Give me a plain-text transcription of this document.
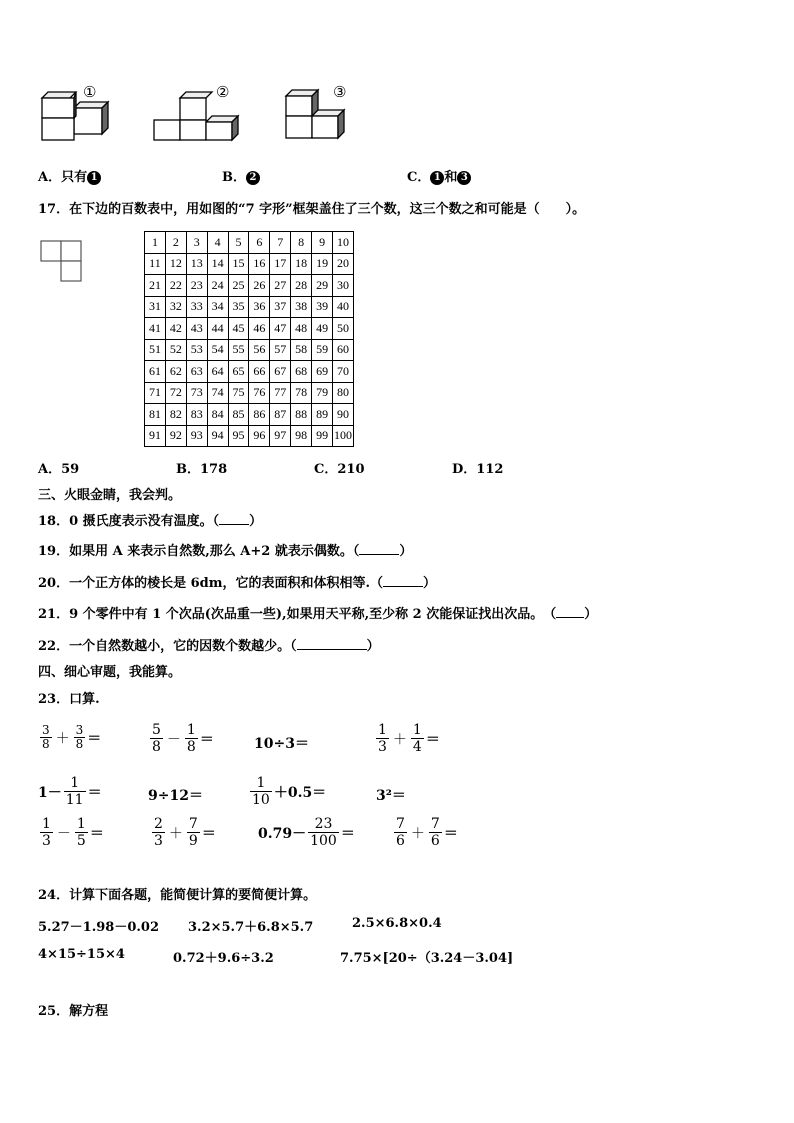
①	②	③
A．只有 1	B． 2	C． 1 和 3
17．在下边的百数表中，用如图的“7 字形”框架盖住了三个数，这三个数之和可能是（　　）。
1	2	3	4	5	6	7	8	9	10
11	12	13	14	15	16	17	18	19	20
21	22	23	24	25	26	27	28	29	30
31	32	33	34	35	36	37	38	39	40
41	42	43	44	45	46	47	48	49	50
51	52	53	54	55	56	57	58	59	60
61	62	63	64	65	66	67	68	69	70
71	72	73	74	75	76	77	78	79	80
81	82	83	84	85	86	87	88	89	90
91	92	93	94	95	96	97	98	99	100
A．59	B．178	C．210	D．112
三、火眼金睛，我会判。
18．0 摄氏度表示没有温度。（ ）
19．如果用 A 来表示自然数,那么 A+2 就表示偶数。（	）
20．一个正方体的棱长是 6dm，它的表面积和体积相等.（	）
21．9 个零件中有 1 个次品(次品重一些),如果用天平称,至少称 2 次能保证找出次品。　（ ）
22．一个自然数越小，它的因数个数越少。（	）
四、细心审题，我能算。
23．口算.
$\frac{3}{8} + \frac{3}{8}$ ＝	$\frac{5}{8} - \frac{1}{8}$ ＝	10÷3＝	$\frac{1}{3} + \frac{1}{4}$ ＝
$1- \frac{1}{11}$ ＝	9÷12＝	$\frac{1}{10} +0.5=$	3²＝
$\frac{1}{3} - \frac{1}{5}$ ＝	$\frac{2}{3} + \frac{7}{9}$ ＝	$0.79- \frac{23}{100}$ ＝	$\frac{7}{6} + \frac{7}{6}$ ＝
24．计算下面各题，能简便计算的要简便计算。
5.27－1.98－0.02 3.2×5.7＋6.8×5.7	2.5×6.8×0.4
4×15÷15×4	0.72＋9.6÷3.2	7.75×[20÷（3.24－3.04]
25．解方程
